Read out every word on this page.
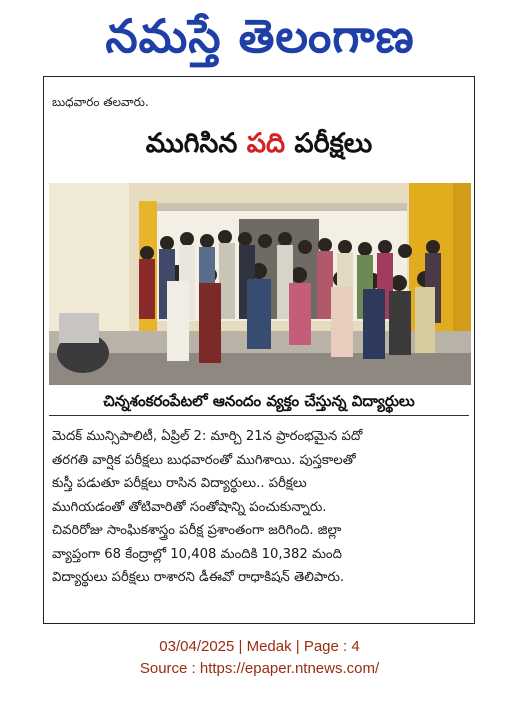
నమస్తే తెలంగాణ
బుధవారం తలవారు.
ముగిసిన పది పరీక్షలు
చిన్నశంకరంపేటలో ఆనందం వ్యక్తం చేస్తున్న విద్యార్థులు
మెదక్ మున్సిపాలిటీ, ఏప్రిల్ 2: మార్చి 21న ప్రారంభమైన పదో
తరగతి వార్షిక పరీక్షలు బుధవారంతో ముగిశాయి. పుస్తకాలతో
కుస్తీ పడుతూ పరీక్షలు రాసిన విద్యార్థులు.. పరీక్షలు
ముగియడంతో తోటివారితో సంతోషాన్ని పంచుకున్నారు.
చివరిరోజు సాంఘికశాస్త్రం పరీక్ష ప్రశాంతంగా జరిగింది. జిల్లా
వ్యాప్తంగా 68 కేంద్రాల్లో 10,408 మందికి 10,382 మంది
విద్యార్థులు పరీక్షలు రాశారని డీఈవో రాధాకిషన్ తెలిపారు.
03/04/2025 | Medak | Page : 4
Source : https://epaper.ntnews.com/
